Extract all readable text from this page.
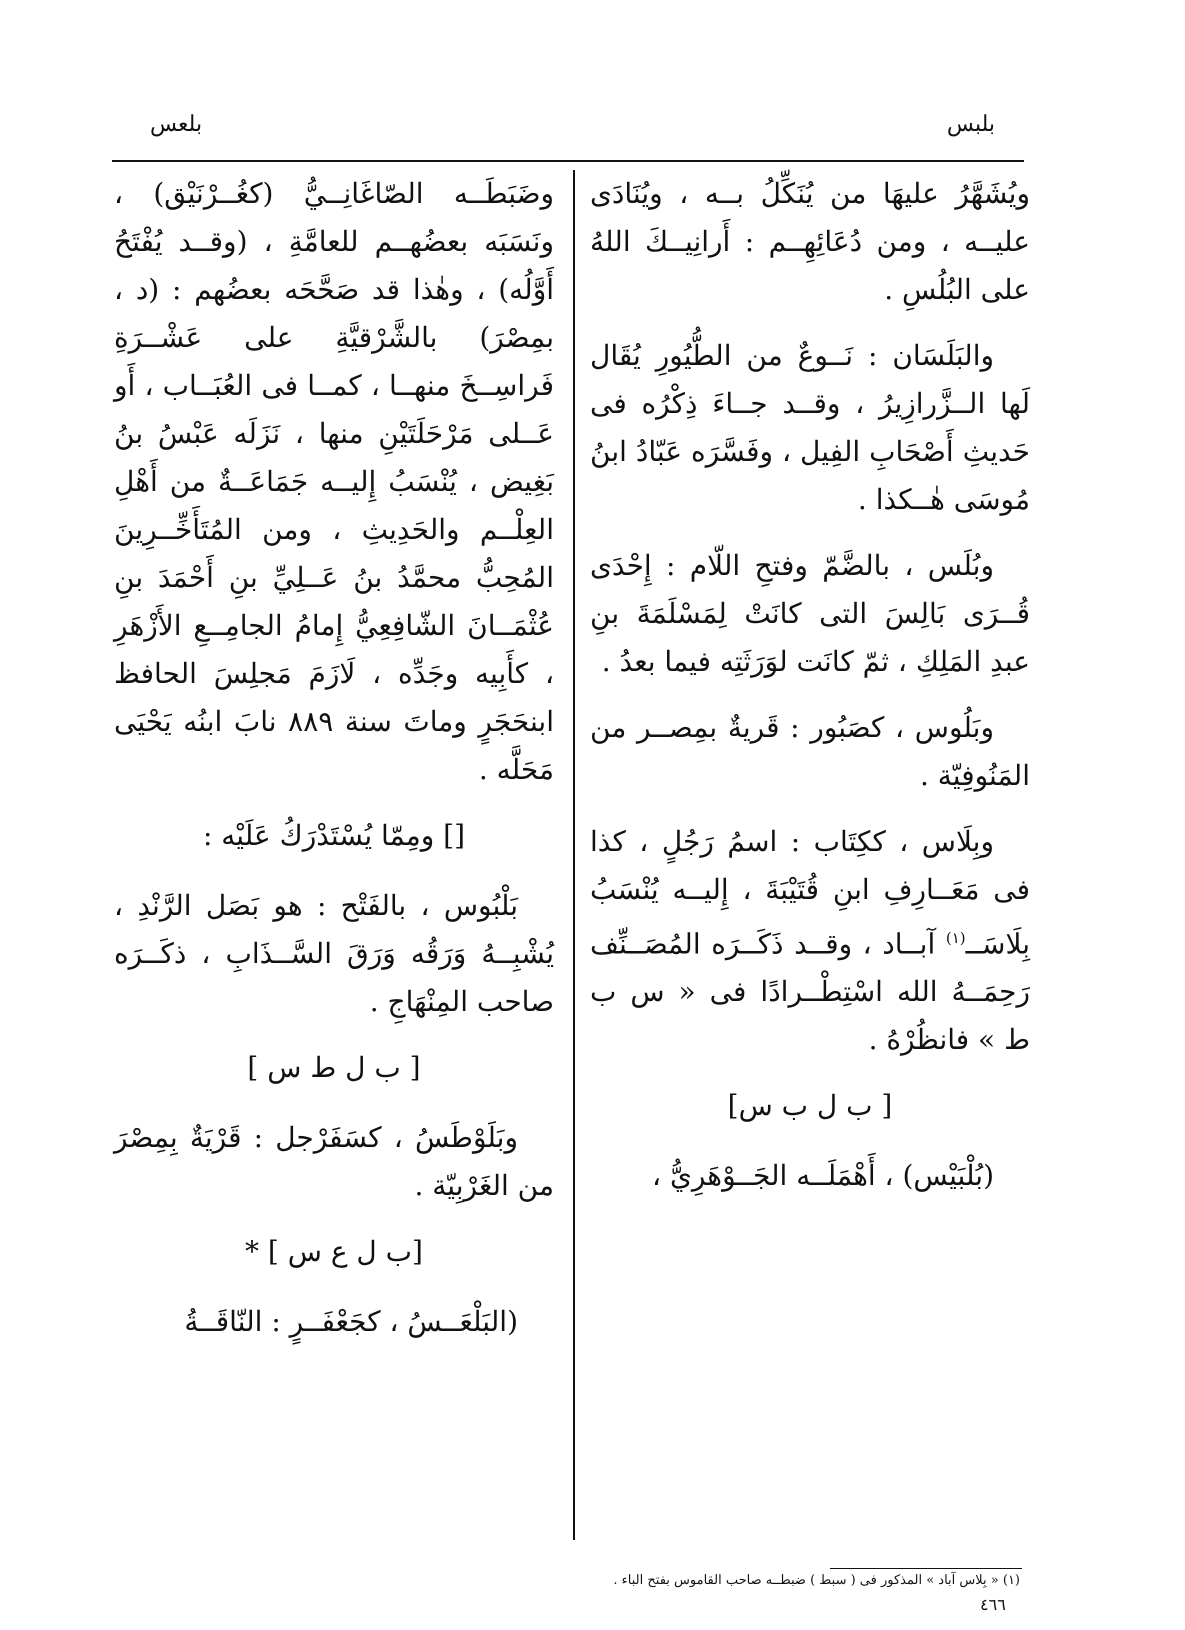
بلبس
بلعس

ويُشَهَّرُ عليهَا من يُنَكِّلُ بــه ، ويُنَادَى عليــه ، ومن دُعَائِهِــم : أَرانِيــكَ اللهُ على البُلُسِ .

والبَلَسَان : نَــوعٌ من الطُّيُورِ يُقَال لَها الــزَّرازِيرُ ، وقــد جــاءَ ذِكْرُه فى حَديثِ أَصْحَابِ الفِيل ، وفَسَّرَه عَبّادُ ابنُ مُوسَى هٰــكذا .

وبُلَس ، بالضَّمّ وفتحِ اللّام : إِحْدَى قُــرَى بَالِسَ التى كانَتْ لِمَسْلَمَةَ بنِ عبدِ المَلِكِ ، ثمّ كانَت لوَرَثَتِه فيما بعدُ .

وبَلُوس ، كصَبُور : قَريةٌ بمِصــر من المَنُوفِيّة .

وبِلَاس ، ككِتَاب : اسمُ رَجُلٍ ، كذا فى مَعَــارِفِ ابنِ قُتَيْبَةَ ، إِليــه يُنْسَبُ بِلَاسَــ$^{(١)}$ آبــاد ، وقــد ذَكَــرَه المُصَــنِّف رَحِمَــهُ الله اسْتِطْــرادًا فى « س ب ط » فانظُرْهُ .

[ ب ل ب س]

(بُلْبَيْس) ، أَهْمَلَــه الجَــوْهَرِيُّ ،

وضَبَطَــه الصّاغَانِــيُّ (كغُــرْنَيْق) ، ونَسَبَه بعضُهــم للعامَّةِ ، (وقــد يُفْتَحُ أَوَّلُه) ، وهٰذا قد صَحَّحَه بعضُهم : (د ، بمِصْرَ) بالشَّرْقيَّةِ على عَشْــرَةِ فَراسِــخَ منهــا ، كمــا فى العُبَــاب ، أَو عَــلى مَرْحَلَتَيْنِ منها ، نَزَلَه عَبْسُ بنُ بَغِيض ، يُنْسَبُ إِليــه جَمَاعَــةٌ من أَهْلِ العِلْــم والحَدِيثِ ، ومن المُتَأَخِّــرِينَ المُحِبُّ محمَّدُ بنُ عَــلِيِّ بنِ أَحْمَدَ بنِ عُثْمَــانَ الشّافِعِيُّ إِمامُ الجامِــعِ الأَزْهَرِ ، كأَبِيه وجَدِّه ، لَازَمَ مَجلِسَ الحافظ ابنحَجَرٍ وماتَ سنة ٨٨٩ نابَ ابنُه يَحْيَى مَحَلَّه .

[] ومِمّا يُسْتَدْرَكُ عَلَيْه :

بَلْبُوس ، بالفَتْح : هو بَصَل الرَّنْدِ ، يُشْبِــهُ وَرَقُه وَرَقَ السَّــذَابِ ، ذكَــرَه صاحب المِنْهَاجِ .

[ ب ل ط س ]

وبَلَوْطَسُ ، كسَفَرْجل : قَرْيَةٌ بِمِصْرَ من الغَرْبِيّة .

[ب ل ع س ] *

(البَلْعَــسُ ، كجَعْفَــرٍ : النّاقَــةُ

(١) « بِلاس آباد » المذكور فى ( سبط ) ضبطــه صاحب القاموس بفتح الباء .
٤٦٦
